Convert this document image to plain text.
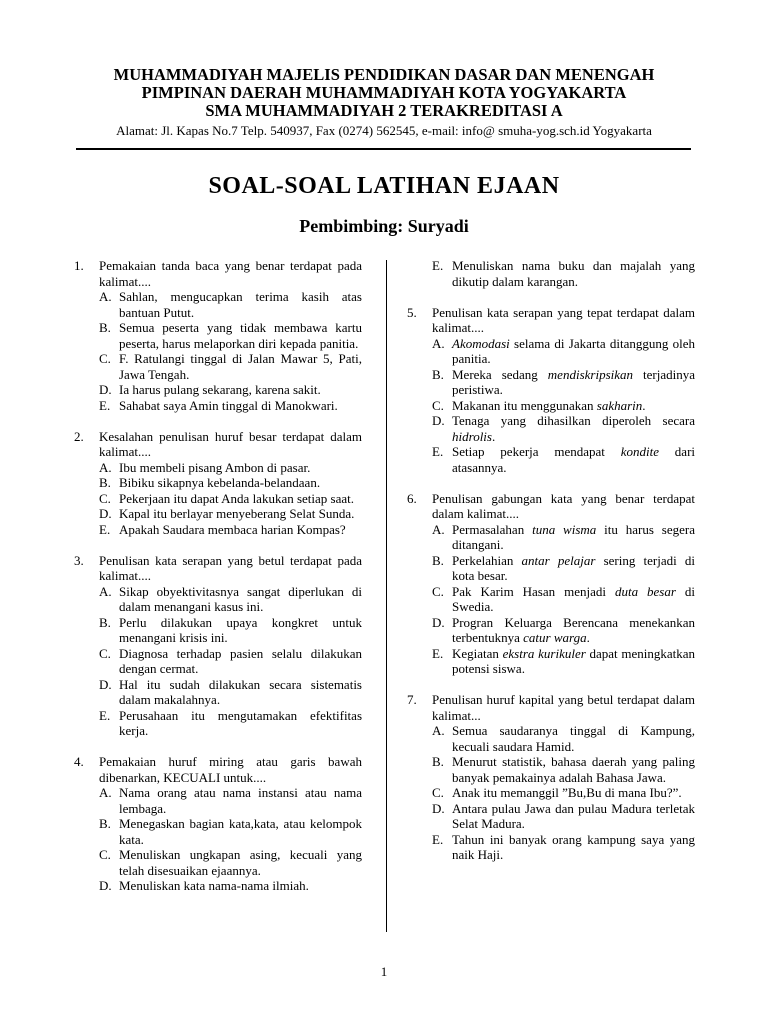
MUHAMMADIYAH MAJELIS PENDIDIKAN DASAR DAN MENENGAH

PIMPINAN DAERAH MUHAMMADIYAH KOTA YOGYAKARTA

SMA MUHAMMADIYAH 2 TERAKREDITASI A

Alamat: Jl. Kapas No.7 Telp. 540937, Fax (0274) 562545, e-mail: info@ smuha-yog.sch.id Yogyakarta

SOAL-SOAL LATIHAN EJAAN
Pembimbing: Suryadi
1.	Pemakaian tanda baca yang benar terdapat pada kalimat....
A. Sahlan, mengucapkan terima kasih atas bantuan Putut.
B. Semua peserta yang tidak membawa kartu peserta, harus melaporkan diri kepada panitia.
C. F. Ratulangi tinggal di Jalan Mawar 5, Pati, Jawa Tengah.
D. Ia harus pulang sekarang, karena sakit.
E. Sahabat saya Amin tinggal di Manokwari.
2.	Kesalahan penulisan huruf besar terdapat dalam kalimat....
A. Ibu membeli pisang Ambon di pasar.
B. Bibiku sikapnya kebelanda-belandaan.
C. Pekerjaan itu dapat Anda lakukan setiap saat.
D. Kapal itu berlayar menyeberang Selat Sunda.
E. Apakah Saudara membaca harian Kompas?
3.	Penulisan kata serapan yang betul terdapat pada kalimat....
A. Sikap obyektivitasnya sangat diperlukan di dalam menangani kasus ini.
B. Perlu dilakukan upaya kongkret untuk menangani krisis ini.
C. Diagnosa terhadap pasien selalu dilakukan dengan cermat.
D. Hal itu sudah dilakukan secara sistematis dalam makalahnya.
E. Perusahaan itu mengutamakan efektifitas kerja.
4.	Pemakaian huruf miring atau garis bawah dibenarkan, KECUALI untuk....
A. Nama orang atau nama instansi atau nama lembaga.
B. Menegaskan bagian kata,kata, atau kelompok kata.
C. Menuliskan ungkapan asing, kecuali yang telah disesuaikan ejaannya.
D. Menuliskan kata nama-nama ilmiah.
E. Menuliskan nama buku dan majalah yang dikutip dalam karangan.
5.	Penulisan kata serapan yang tepat terdapat dalam kalimat....
A. Akomodasi selama di Jakarta ditanggung oleh panitia.
B. Mereka sedang mendiskripsikan terjadinya peristiwa.
C. Makanan itu menggunakan sakharin.
D. Tenaga yang dihasilkan diperoleh secara hidrolis.
E. Setiap pekerja mendapat kondite dari atasannya.
6.	Penulisan gabungan kata yang benar terdapat dalam kalimat....
A. Permasalahan tuna wisma itu harus segera ditangani.
B. Perkelahian antar pelajar sering terjadi di kota besar.
C. Pak Karim Hasan menjadi duta besar di Swedia.
D. Progran Keluarga Berencana menekankan terbentuknya catur warga.
E. Kegiatan ekstra kurikuler dapat meningkatkan potensi siswa.
7.	Penulisan huruf kapital yang betul terdapat dalam kalimat...
A. Semua saudaranya tinggal di Kampung, kecuali saudara Hamid.
B. Menurut statistik, bahasa daerah yang paling banyak pemakainya adalah Bahasa Jawa.
C. Anak itu memanggil ”Bu,Bu di mana Ibu?”.
D. Antara pulau Jawa dan pulau Madura terletak Selat Madura.
E. Tahun ini banyak orang kampung saya yang naik Haji.
1
